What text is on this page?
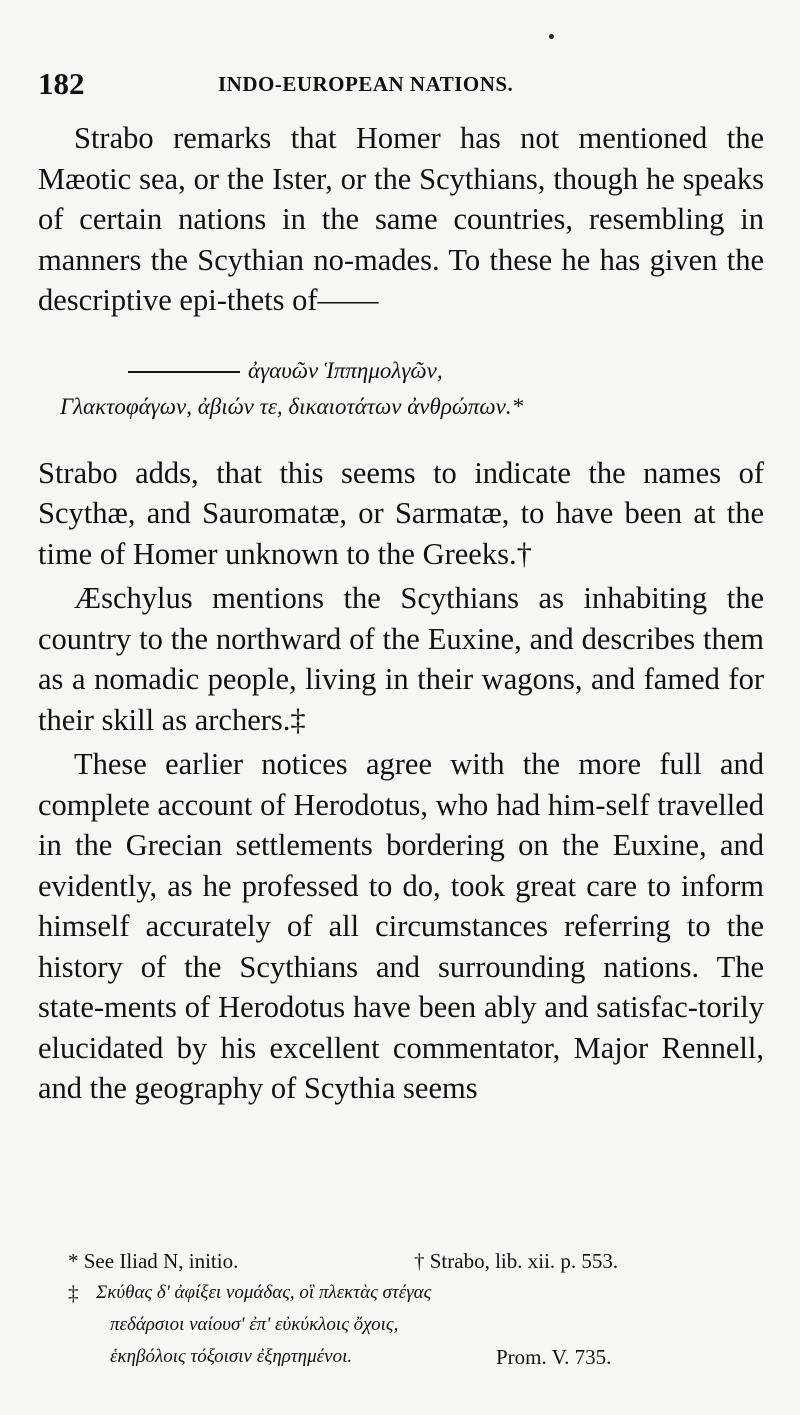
182	INDO-EUROPEAN NATIONS.

Strabo remarks that Homer has not mentioned the Mæotic sea, or the Ister, or the Scythians, though he speaks of certain nations in the same countries, resembling in manners the Scythian no-mades. To these he has given the descriptive epi-thets of——

ἀγαυῶν Ἱππημολγῶν,
Γλακτοφάγων, ἀβιών τε, δικαιοτάτων ἀνθρώπων.*

Strabo adds, that this seems to indicate the names of Scythæ, and Sauromatæ, or Sarmatæ, to have been at the time of Homer unknown to the Greeks.†

Æschylus mentions the Scythians as inhabiting the country to the northward of the Euxine, and describes them as a nomadic people, living in their wagons, and famed for their skill as archers.‡

These earlier notices agree with the more full and complete account of Herodotus, who had him-self travelled in the Grecian settlements bordering on the Euxine, and evidently, as he professed to do, took great care to inform himself accurately of all circumstances referring to the history of the Scythians and surrounding nations. The state-ments of Herodotus have been ably and satisfac-torily elucidated by his excellent commentator, Major Rennell, and the geography of Scythia seems

* See Iliad N, initio.	† Strabo, lib. xii. p. 553.
‡ Σκύθας δ' ἀφίξει νομάδας, οἳ πλεκτὰς στέγας
πεδάρσιοι ναίουσ' ἐπ' εὐκύκλοις ὄχοις,
ἑκηβόλοις τόξοισιν ἐξηρτημένοι.	Prom. V. 735.
